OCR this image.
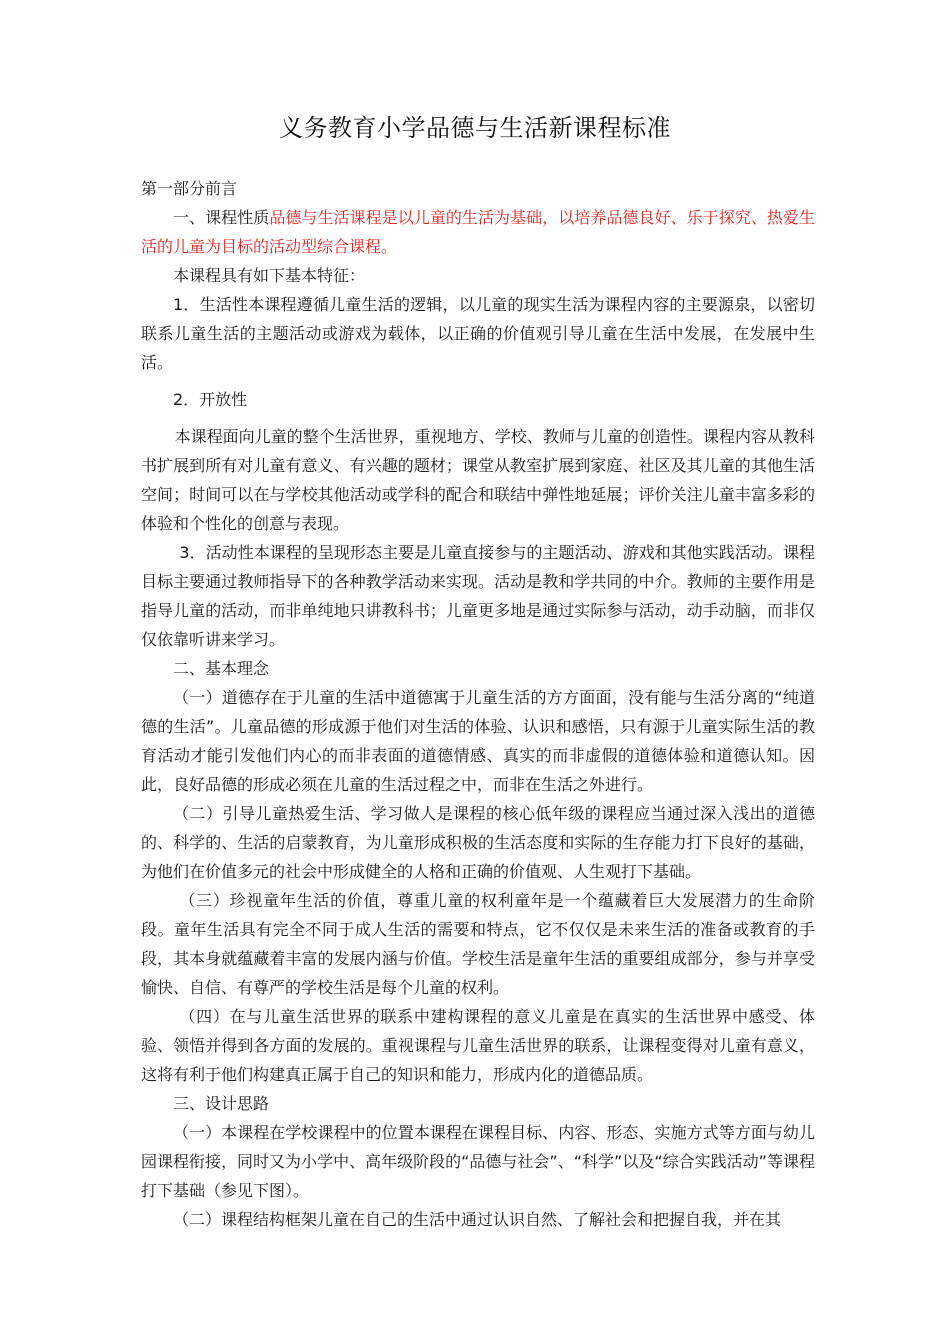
义务教育小学品德与生活新课程标准

第一部分前言

一、课程性质品德与生活课程是以儿童的生活为基础，以培养品德良好、乐于探究、热爱生活的儿童为目标的活动型综合课程。

本课程具有如下基本特征：

1．生活性本课程遵循儿童生活的逻辑，以儿童的现实生活为课程内容的主要源泉，以密切联系儿童生活的主题活动或游戏为载体，以正确的价值观引导儿童在生活中发展，在发展中生活。

2．开放性

本课程面向儿童的整个生活世界，重视地方、学校、教师与儿童的创造性。课程内容从教科书扩展到所有对儿童有意义、有兴趣的题材；课堂从教室扩展到家庭、社区及其儿童的其他生活空间；时间可以在与学校其他活动或学科的配合和联结中弹性地延展；评价关注儿童丰富多彩的体验和个性化的创意与表现。

3．活动性本课程的呈现形态主要是儿童直接参与的主题活动、游戏和其他实践活动。课程目标主要通过教师指导下的各种教学活动来实现。活动是教和学共同的中介。教师的主要作用是指导儿童的活动，而非单纯地只讲教科书；儿童更多地是通过实际参与活动，动手动脑，而非仅仅依靠听讲来学习。

二、基本理念

（一）道德存在于儿童的生活中道德寓于儿童生活的方方面面，没有能与生活分离的“纯道德的生活”。儿童品德的形成源于他们对生活的体验、认识和感悟，只有源于儿童实际生活的教育活动才能引发他们内心的而非表面的道德情感、真实的而非虚假的道德体验和道德认知。因此，良好品德的形成必须在儿童的生活过程之中，而非在生活之外进行。

（二）引导儿童热爱生活、学习做人是课程的核心低年级的课程应当通过深入浅出的道德的、科学的、生活的启蒙教育，为儿童形成积极的生活态度和实际的生存能力打下良好的基础，为他们在价值多元的社会中形成健全的人格和正确的价值观、人生观打下基础。

（三）珍视童年生活的价值，尊重儿童的权利童年是一个蕴藏着巨大发展潜力的生命阶段。童年生活具有完全不同于成人生活的需要和特点，它不仅仅是未来生活的准备或教育的手段，其本身就蕴藏着丰富的发展内涵与价值。学校生活是童年生活的重要组成部分，参与并享受愉快、自信、有尊严的学校生活是每个儿童的权利。

（四）在与儿童生活世界的联系中建构课程的意义儿童是在真实的生活世界中感受、体验、领悟并得到各方面的发展的。重视课程与儿童生活世界的联系，让课程变得对儿童有意义，这将有利于他们构建真正属于自己的知识和能力，形成内化的道德品质。

三、设计思路

（一）本课程在学校课程中的位置本课程在课程目标、内容、形态、实施方式等方面与幼儿园课程衔接，同时又为小学中、高年级阶段的“品德与社会”、“科学”以及“综合实践活动”等课程打下基础（参见下图）。

（二）课程结构框架儿童在自己的生活中通过认识自然、了解社会和把握自我，并在其
